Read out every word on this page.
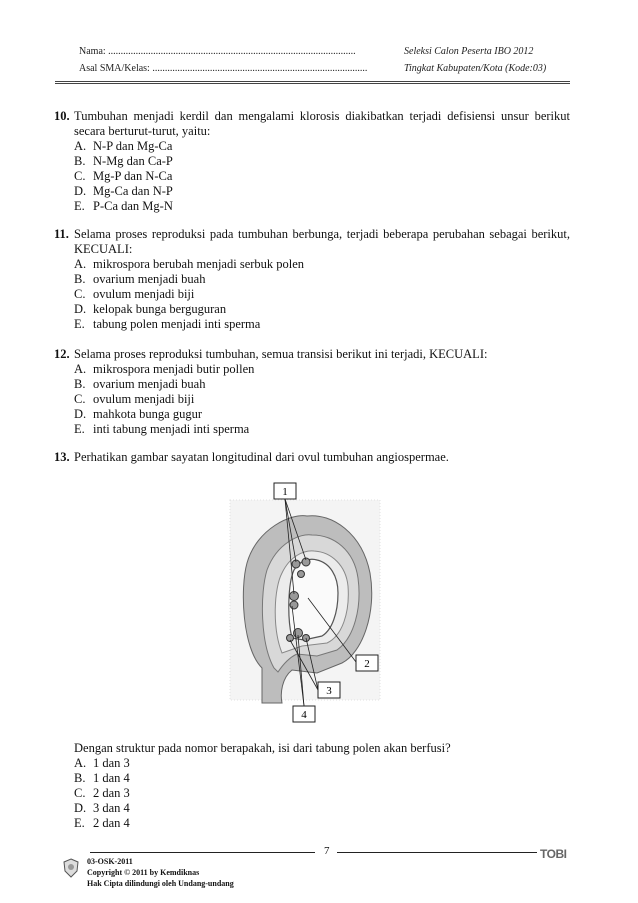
Nama: ...................................................................................................
Asal SMA/Kelas: ......................................................................................
Seleksi Calon Peserta IBO 2012
Tingkat Kabupaten/Kota (Kode:03)
10. Tumbuhan menjadi kerdil dan mengalami klorosis diakibatkan terjadi defisiensi unsur berikut secara berturut-turut, yaitu:
A. N-P dan Mg-Ca
B. N-Mg dan Ca-P
C. Mg-P dan N-Ca
D. Mg-Ca dan N-P
E. P-Ca dan Mg-N
11. Selama proses reproduksi pada tumbuhan berbunga, terjadi beberapa perubahan sebagai berikut, KECUALI:
A. mikrospora berubah menjadi serbuk polen
B. ovarium menjadi buah
C. ovulum menjadi biji
D. kelopak bunga berguguran
E. tabung polen menjadi inti sperma
12. Selama proses reproduksi tumbuhan, semua transisi berikut ini terjadi, KECUALI:
A. mikrospora menjadi butir pollen
B. ovarium menjadi buah
C. ovulum menjadi biji
D. mahkota bunga gugur
E. inti tabung menjadi inti sperma
13. Perhatikan gambar sayatan longitudinal dari ovul tumbuhan angiospermae.
1
2
3
4
Dengan struktur pada nomor berapakah, isi dari tabung polen akan berfusi?
A. 1 dan 3
B. 1 dan 4
C. 2 dan 3
D. 3 dan 4
E. 2 dan 4
7
03-OSK-2011
Copyright © 2011 by Kemdiknas
Hak Cipta dilindungi oleh Undang-undang
TOBI
